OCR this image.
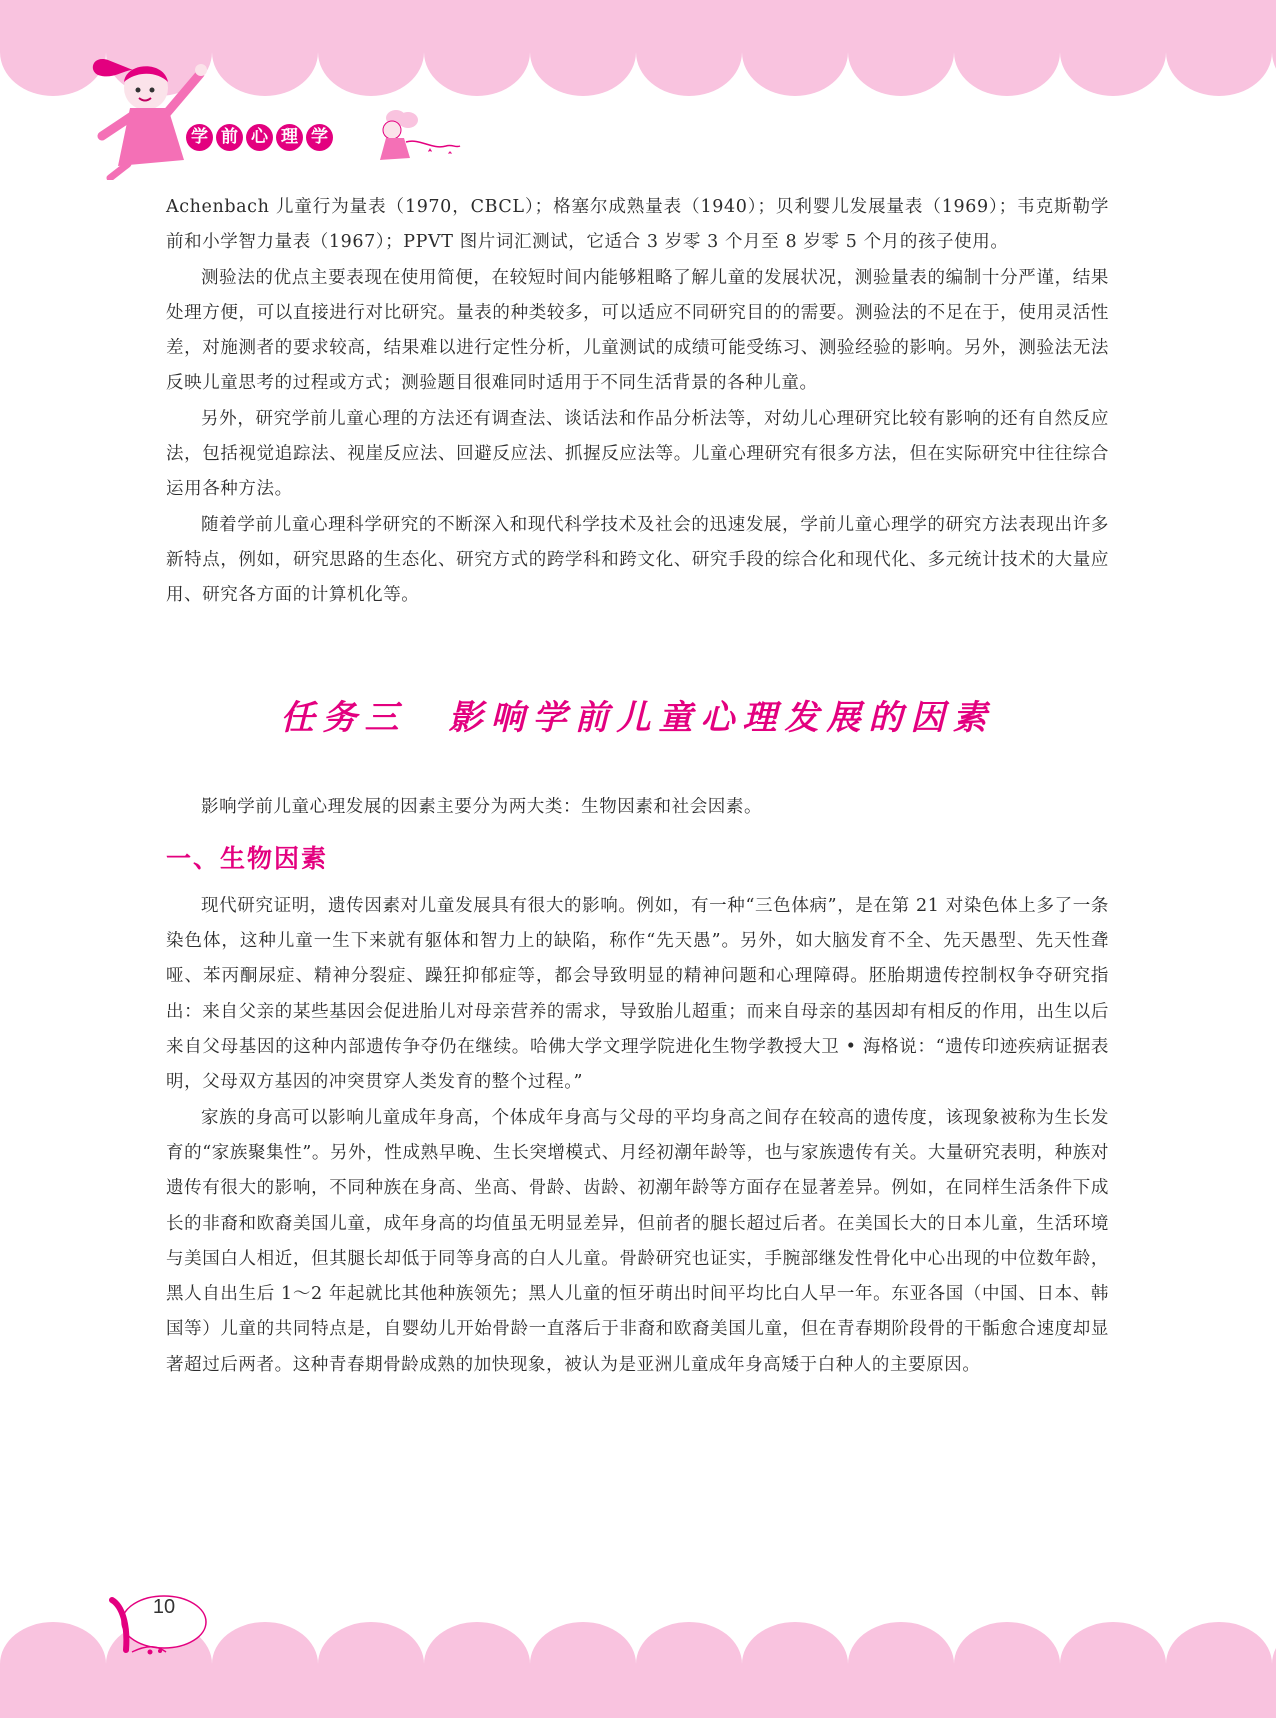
学 前 心 理 学

Achenbach 儿童行为量表（1970，CBCL）；格塞尔成熟量表（1940）；贝利婴儿发展量表（1969）；韦克斯勒学前和小学智力量表（1967）；PPVT 图片词汇测试，它适合 3 岁零 3 个月至 8 岁零 5 个月的孩子使用。

测验法的优点主要表现在使用简便，在较短时间内能够粗略了解儿童的发展状况，测验量表的编制十分严谨，结果处理方便，可以直接进行对比研究。量表的种类较多，可以适应不同研究目的的需要。测验法的不足在于，使用灵活性差，对施测者的要求较高，结果难以进行定性分析，儿童测试的成绩可能受练习、测验经验的影响。另外，测验法无法反映儿童思考的过程或方式；测验题目很难同时适用于不同生活背景的各种儿童。

另外，研究学前儿童心理的方法还有调查法、谈话法和作品分析法等，对幼儿心理研究比较有影响的还有自然反应法，包括视觉追踪法、视崖反应法、回避反应法、抓握反应法等。儿童心理研究有很多方法，但在实际研究中往往综合运用各种方法。

随着学前儿童心理科学研究的不断深入和现代科学技术及社会的迅速发展，学前儿童心理学的研究方法表现出许多新特点，例如，研究思路的生态化、研究方式的跨学科和跨文化、研究手段的综合化和现代化、多元统计技术的大量应用、研究各方面的计算机化等。

任务三　影响学前儿童心理发展的因素

影响学前儿童心理发展的因素主要分为两大类：生物因素和社会因素。

一、生物因素

现代研究证明，遗传因素对儿童发展具有很大的影响。例如，有一种“三色体病”，是在第 21 对染色体上多了一条染色体，这种儿童一生下来就有躯体和智力上的缺陷，称作“先天愚”。另外，如大脑发育不全、先天愚型、先天性聋哑、苯丙酮尿症、精神分裂症、躁狂抑郁症等，都会导致明显的精神问题和心理障碍。胚胎期遗传控制权争夺研究指出：来自父亲的某些基因会促进胎儿对母亲营养的需求，导致胎儿超重；而来自母亲的基因却有相反的作用，出生以后来自父母基因的这种内部遗传争夺仍在继续。哈佛大学文理学院进化生物学教授大卫 • 海格说：“遗传印迹疾病证据表明，父母双方基因的冲突贯穿人类发育的整个过程。”

家族的身高可以影响儿童成年身高，个体成年身高与父母的平均身高之间存在较高的遗传度，该现象被称为生长发育的“家族聚集性”。另外，性成熟早晚、生长突增模式、月经初潮年龄等，也与家族遗传有关。大量研究表明，种族对遗传有很大的影响，不同种族在身高、坐高、骨龄、齿龄、初潮年龄等方面存在显著差异。例如，在同样生活条件下成长的非裔和欧裔美国儿童，成年身高的均值虽无明显差异，但前者的腿长超过后者。在美国长大的日本儿童，生活环境与美国白人相近，但其腿长却低于同等身高的白人儿童。骨龄研究也证实，手腕部继发性骨化中心出现的中位数年龄，黑人自出生后 1～2 年起就比其他种族领先；黑人儿童的恒牙萌出时间平均比白人早一年。东亚各国（中国、日本、韩国等）儿童的共同特点是，自婴幼儿开始骨龄一直落后于非裔和欧裔美国儿童，但在青春期阶段骨的干骺愈合速度却显著超过后两者。这种青春期骨龄成熟的加快现象，被认为是亚洲儿童成年身高矮于白种人的主要原因。

10
